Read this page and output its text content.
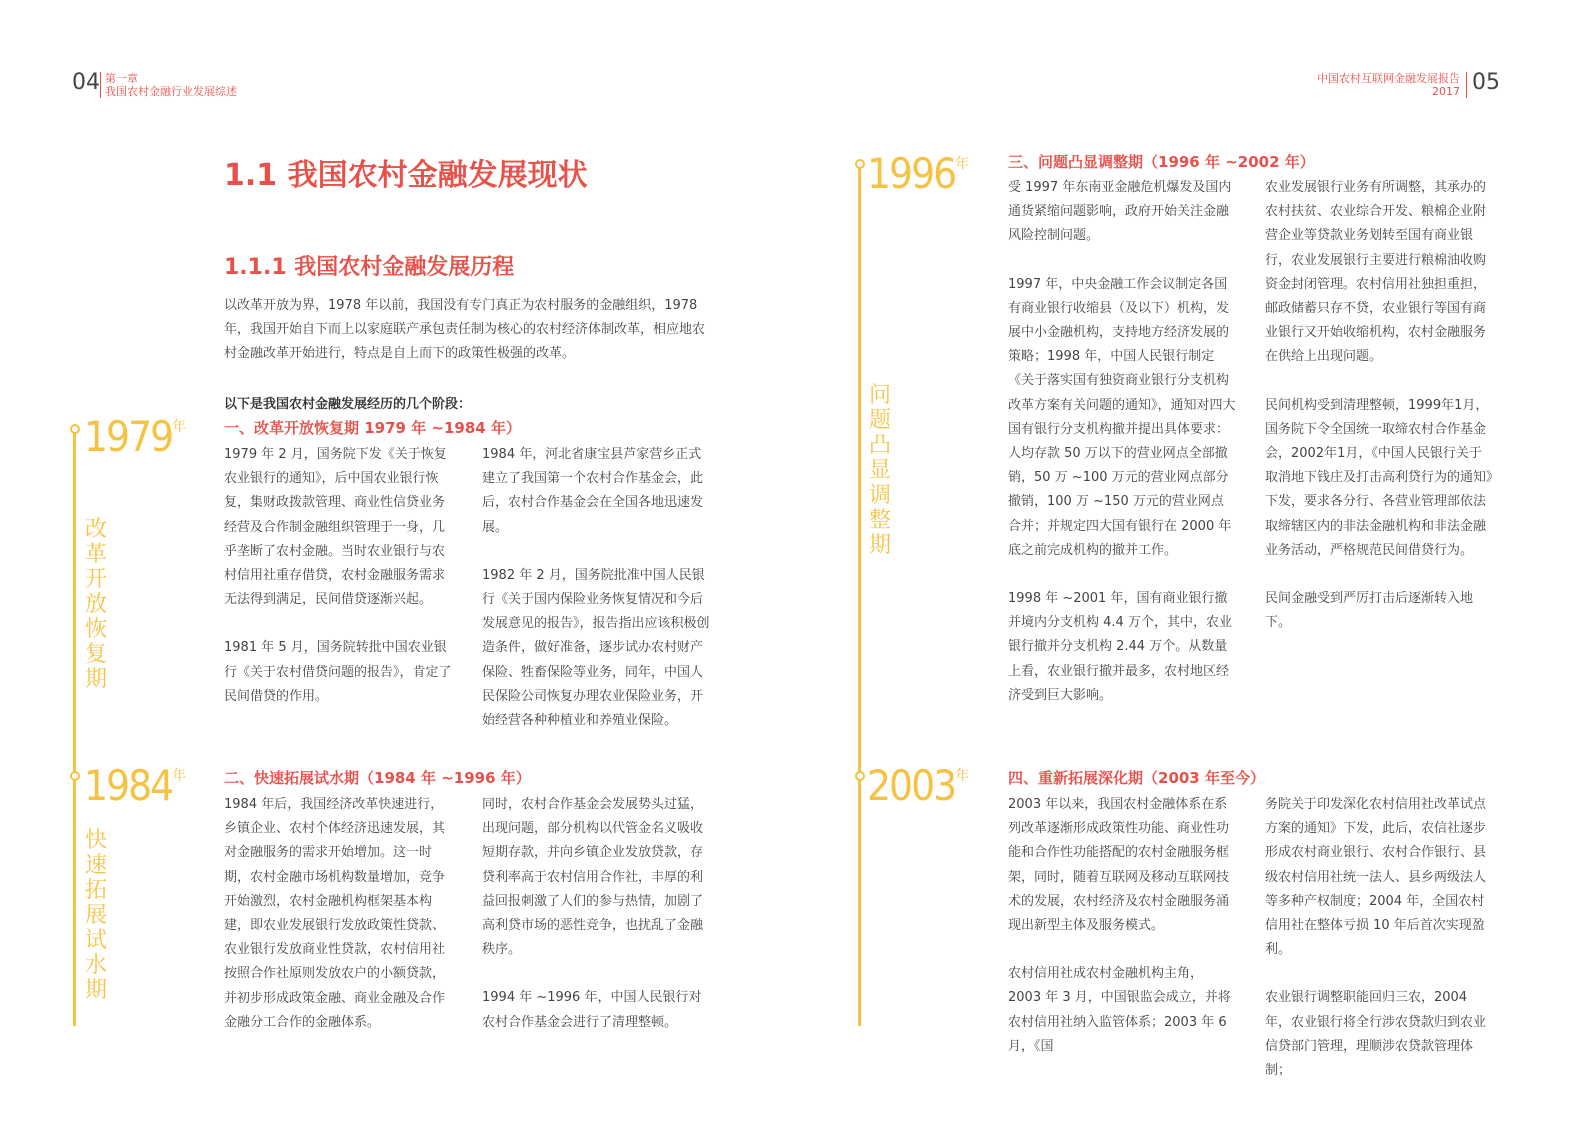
04 第一章
我国农村金融行业发展综述
中国农村互联网金融发展报告
2017 05
1.1 我国农村金融发展现状
1.1.1 我国农村金融发展历程
以改革开放为界，1978 年以前，我国没有专门真正为农村服务的金融组织，1978 年，我国开始自下而上以家庭联产承包责任制为核心的农村经济体制改革，相应地农村金融改革开始进行，特点是自上而下的政策性极强的改革。
以下是我国农村金融发展经历的几个阶段：
1979年
改革开放恢复期
一、改革开放恢复期 1979 年 ~1984 年）

1979 年 2 月，国务院下发《关于恢复农业银行的通知》，后中国农业银行恢复，集财政拨款管理、商业性信贷业务经营及合作制金融组织管理于一身，几乎垄断了农村金融。当时农业银行与农村信用社重存借贷，农村金融服务需求无法得到满足，民间借贷逐渐兴起。

1981 年 5 月，国务院转批中国农业银行《关于农村借贷问题的报告》，肯定了民间借贷的作用。

1984 年，河北省康宝县芦家营乡正式建立了我国第一个农村合作基金会，此后，农村合作基金会在全国各地迅速发展。

1982 年 2 月，国务院批准中国人民银行《关于国内保险业务恢复情况和今后发展意见的报告》，报告指出应该积极创造条件，做好准备，逐步试办农村财产保险、牲畜保险等业务，同年，中国人民保险公司恢复办理农业保险业务，开始经营各种种植业和养殖业保险。

1984年
快速拓展试水期
二、快速拓展试水期（1984 年 ~1996 年）

1984 年后，我国经济改革快速进行，乡镇企业、农村个体经济迅速发展，其对金融服务的需求开始增加。这一时期，农村金融市场机构数量增加，竞争开始激烈，农村金融机构框架基本构建，即农业发展银行发放政策性贷款、农业银行发放商业性贷款，农村信用社按照合作社原则发放农户的小额贷款，并初步形成政策金融、商业金融及合作金融分工合作的金融体系。

同时，农村合作基金会发展势头过猛，出现问题，部分机构以代管金名义吸收短期存款，并向乡镇企业发放贷款，存贷利率高于农村信用合作社，丰厚的利益回报刺激了人们的参与热情，加剧了高利贷市场的恶性竞争，也扰乱了金融秩序。

1994 年 ~1996 年，中国人民银行对农村合作基金会进行了清理整顿。

1996年
问题凸显调整期
三、问题凸显调整期（1996 年 ~2002 年）

受 1997 年东南亚金融危机爆发及国内通货紧缩问题影响，政府开始关注金融风险控制问题。

1997 年，中央金融工作会议制定各国有商业银行收缩县（及以下）机构，发展中小金融机构，支持地方经济发展的策略；1998 年，中国人民银行制定《关于落实国有独资商业银行分支机构改革方案有关问题的通知》，通知对四大国有银行分支机构撤并提出具体要求：人均存款 50 万以下的营业网点全部撤销，50 万 ~100 万元的营业网点部分撤销，100 万 ~150 万元的营业网点合并；并规定四大国有银行在 2000 年底之前完成机构的撤并工作。

1998 年 ~2001 年，国有商业银行撤并境内分支机构 4.4 万个，其中，农业银行撤并分支机构 2.44 万个。从数量上看，农业银行撤并最多，农村地区经济受到巨大影响。

农业发展银行业务有所调整，其承办的农村扶贫、农业综合开发、粮棉企业附营企业等贷款业务划转至国有商业银行，农业发展银行主要进行粮棉油收购资金封闭管理。农村信用社独担重担，邮政储蓄只存不贷，农业银行等国有商业银行又开始收缩机构，农村金融服务在供给上出现问题。

民间机构受到清理整顿，1999年1月，国务院下令全国统一取缔农村合作基金会，2002年1月，《中国人民银行关于取消地下钱庄及打击高利贷行为的通知》下发，要求各分行、各营业管理部依法取缔辖区内的非法金融机构和非法金融业务活动，严格规范民间借贷行为。

民间金融受到严厉打击后逐渐转入地下。

2003年	四、重新拓展深化期（2003 年至今）

2003 年以来，我国农村金融体系在系列改革逐渐形成政策性功能、商业性功能和合作性功能搭配的农村金融服务框架，同时，随着互联网及移动互联网技术的发展，农村经济及农村金融服务涌现出新型主体及服务模式。

农村信用社成农村金融机构主角，2003 年 3 月，中国银监会成立，并将农村信用社纳入监管体系；2003 年 6 月，《国

务院关于印发深化农村信用社改革试点方案的通知》下发，此后，农信社逐步形成农村商业银行、农村合作银行、县级农村信用社统一法人、县乡两级法人等多种产权制度；2004 年，全国农村信用社在整体亏损 10 年后首次实现盈利。

农业银行调整职能回归三农，2004 年，农业银行将全行涉农贷款归到农业信贷部门管理，理顺涉农贷款管理体制；
